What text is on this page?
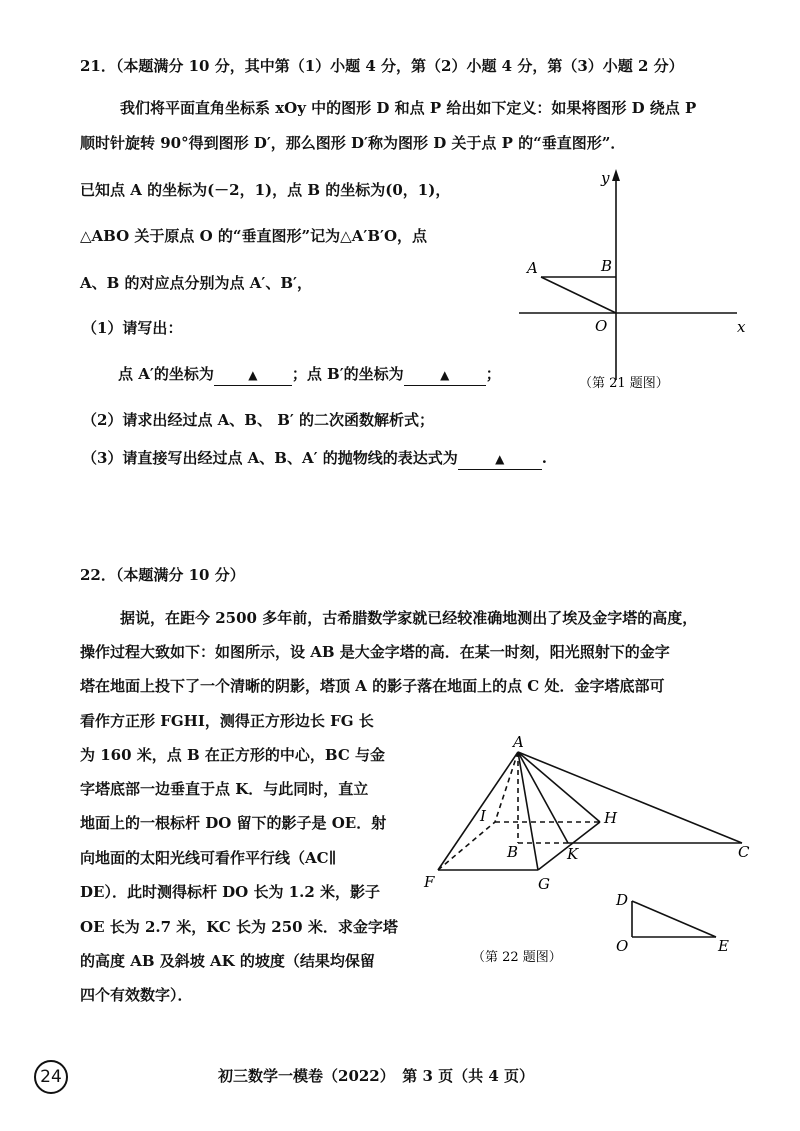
21．（本题满分 10 分，其中第（1）小题 4 分，第（2）小题 4 分，第（3）小题 2 分）
我们将平面直角坐标系 xOy 中的图形 D 和点 P 给出如下定义：如果将图形 D 绕点 P
顺时针旋转 90°得到图形 D′，那么图形 D′称为图形 D 关于点 P 的“垂直图形”．
已知点 A 的坐标为(－2，1)，点 B 的坐标为(0，1)，
△ABO 关于原点 O 的“垂直图形”记为△A′B′O，点
A、B 的对应点分别为点 A′、B′，
（1）请写出：
点 A′的坐标为	▲ ；点 B′的坐标为	▲ ；
（2）请求出经过点 A、B、 B′ 的二次函数解析式；
（3）请直接写出经过点 A、B、A′ 的抛物线的表达式为	▲ .
y
x
A	B
O
（第 21 题图）
22．（本题满分 10 分）
据说，在距今 2500 多年前，古希腊数学家就已经较准确地测出了埃及金字塔的高度，
操作过程大致如下：如图所示，设 AB 是大金字塔的高．在某一时刻，阳光照射下的金字
塔在地面上投下了一个清晰的阴影，塔顶 A 的影子落在地面上的点 C 处．金字塔底部可
看作方正形 FGHI，测得正方形边长 FG 长
为 160 米，点 B 在正方形的中心，BC 与金
字塔底部一边垂直于点 K．与此同时，直立
地面上的一根标杆 DO 留下的影子是 OE．射
向地面的太阳光线可看作平行线（AC∥
DE）．此时测得标杆 DO 长为 1.2 米，影子
OE 长为 2.7 米，KC 长为 250 米．求金字塔
的高度 AB 及斜坡 AK 的坡度（结果均保留
四个有效数字）．
A
I	H
B	K	C
F	G
D
O	E
（第 22 题图）
24	初三数学一模卷（2022）　第 3 页（共 4 页）
